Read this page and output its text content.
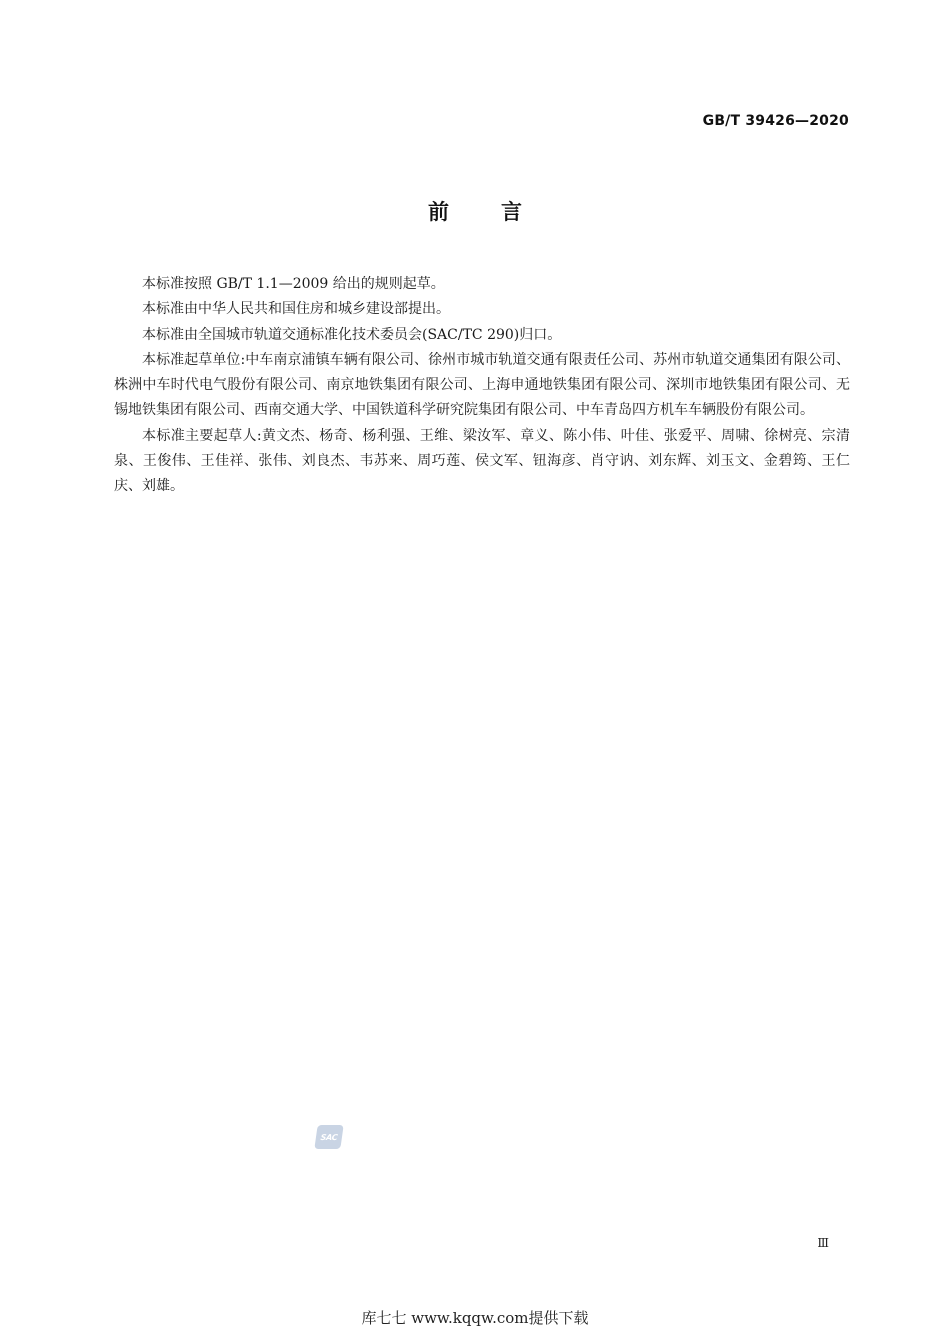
GB/T 39426—2020
前言

本标准按照 GB/T 1.1—2009 给出的规则起草。

本标准由中华人民共和国住房和城乡建设部提出。

本标准由全国城市轨道交通标准化技术委员会(SAC/TC 290)归口。

本标准起草单位:中车南京浦镇车辆有限公司、徐州市城市轨道交通有限责任公司、苏州市轨道交通集团有限公司、株洲中车时代电气股份有限公司、南京地铁集团有限公司、上海申通地铁集团有限公司、深圳市地铁集团有限公司、无锡地铁集团有限公司、西南交通大学、中国铁道科学研究院集团有限公司、中车青岛四方机车车辆股份有限公司。

本标准主要起草人:黄文杰、杨奇、杨利强、王维、梁汝军、章义、陈小伟、叶佳、张爱平、周啸、徐树亮、宗清泉、王俊伟、王佳祥、张伟、刘良杰、韦苏来、周巧莲、侯文军、钮海彦、肖守讷、刘东辉、刘玉文、金碧筠、王仁庆、刘雄。

SAC
Ⅲ
库七七 www.kqqw.com提供下载
